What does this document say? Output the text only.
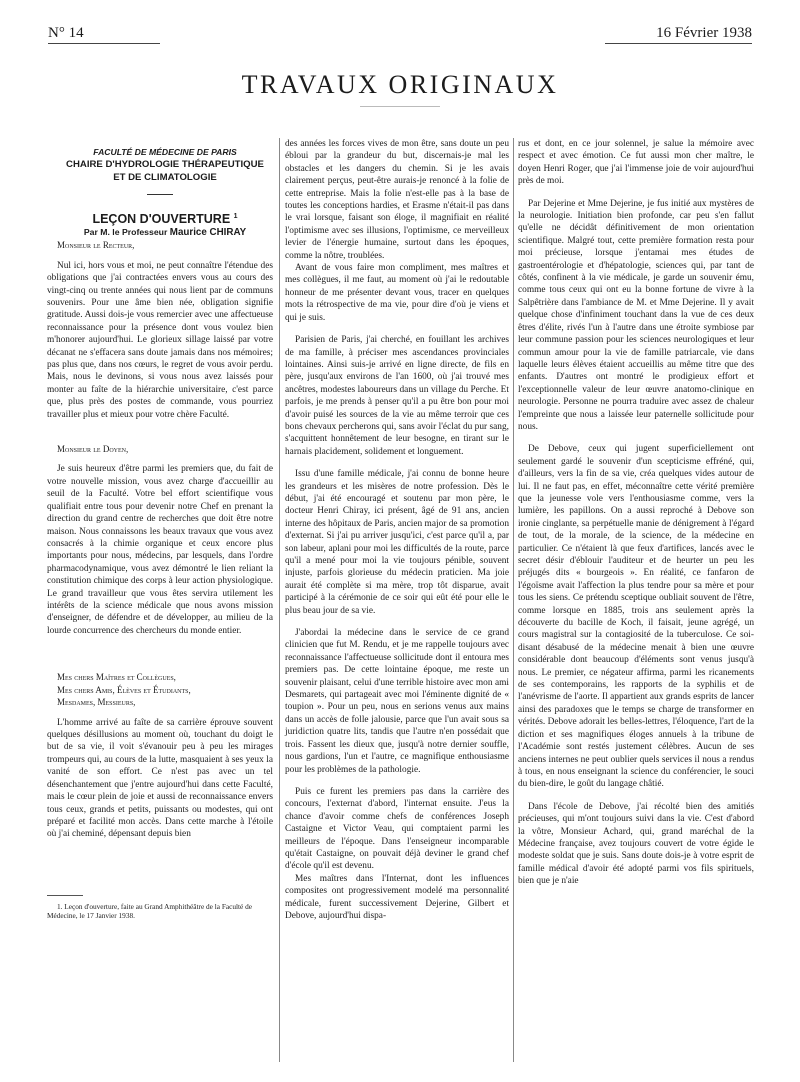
N° 14	16 Février 1938
TRAVAUX ORIGINAUX

FACULTÉ DE MÉDECINE DE PARIS

CHAIRE D'HYDROLOGIE THÉRAPEUTIQUE

ET DE CLIMATOLOGIE

LEÇON D'OUVERTURE $^1$

Par M. le Professeur Maurice CHIRAY

Monsieur le Recteur,

Nul ici, hors vous et moi, ne peut connaître l'étendue des obligations que j'ai contractées envers vous au cours des vingt-cinq ou trente années qui nous lient par de communs souvenirs. Pour une âme bien née, obligation signifie gratitude. Aussi dois-je vous remercier avec une affectueuse reconnaissance pour la présence dont vous voulez bien m'honorer aujourd'hui. Le glorieux sillage laissé par votre décanat ne s'effacera sans doute jamais dans nos mémoires; pas plus que, dans nos cœurs, le regret de vous avoir perdu. Mais, nous le devinons, si vous nous avez laissés pour monter au faîte de la hiérarchie universitaire, c'est parce que, plus près des postes de commande, vous pourriez travailler plus et mieux pour votre chère Faculté.

Monsieur le Doyen,

Je suis heureux d'être parmi les premiers que, du fait de votre nouvelle mission, vous avez charge d'accueillir au seuil de la Faculté. Votre bel effort scientifique vous qualifiait entre tous pour devenir notre Chef en prenant la direction du grand centre de recherches que doit être notre maison. Nous connaissons les beaux travaux que vous avez consacrés à la chimie organique et ceux encore plus importants pour nous, médecins, par lesquels, dans l'ordre pharmacodynamique, vous avez démontré le lien reliant la constitution chimique des corps à leur action physiologique. Le grand travailleur que vous êtes servira utilement les intérêts de la science médicale que nous avons mission d'enseigner, de défendre et de développer, au milieu de la lourde concurrence des chercheurs du monde entier.

Mes chers Maîtres et Collègues,
Mes chers Amis, Élèves et Étudiants,
Mesdames, Messieurs,

L'homme arrivé au faîte de sa carrière éprouve souvent quelques désillusions au moment où, touchant du doigt le but de sa vie, il voit s'évanouir peu à peu les mirages trompeurs qui, au cours de la lutte, masquaient à ses yeux la vanité de son effort. Ce n'est pas avec un tel désenchantement que j'entre aujourd'hui dans cette Faculté, mais le cœur plein de joie et aussi de reconnaissance envers tous ceux, grands et petits, puissants ou modestes, qui ont préparé et facilité mon accès. Dans cette marche à l'étoile où j'ai cheminé, dépensant depuis bien

1. Leçon d'ouverture, faite au Grand Amphithéâtre de la Faculté de Médecine, le 17 Janvier 1938.

des années les forces vives de mon être, sans doute un peu ébloui par la grandeur du but, discernais-je mal les obstacles et les dangers du chemin. Si je les avais clairement perçus, peut-être aurais-je renoncé à la folie de cette entreprise. Mais la folie n'est-elle pas à la base de toutes les conceptions hardies, et Erasme n'était-il pas dans le vrai lorsque, faisant son éloge, il magnifiait en réalité l'optimisme avec ses illusions, l'optimisme, ce merveilleux levier de l'énergie humaine, surtout dans les époques, comme la nôtre, troublées.

Avant de vous faire mon compliment, mes maîtres et mes collègues, il me faut, au moment où j'ai le redoutable honneur de me présenter devant vous, tracer en quelques mots la rétrospective de ma vie, pour dire d'où je viens et qui je suis.

Parisien de Paris, j'ai cherché, en fouillant les archives de ma famille, à préciser mes ascendances provinciales lointaines. Ainsi suis-je arrivé en ligne directe, de fils en père, jusqu'aux environs de l'an 1600, où j'ai trouvé mes ancêtres, modestes laboureurs dans un village du Perche. Et parfois, je me prends à penser qu'il a pu être bon pour moi d'avoir puisé les sources de la vie au même terroir que ces bons chevaux percherons qui, sans avoir l'éclat du pur sang, s'acquittent honnêtement de leur besogne, en tirant sur le harnais placidement, solidement et longuement.

Issu d'une famille médicale, j'ai connu de bonne heure les grandeurs et les misères de notre profession. Dès le début, j'ai été encouragé et soutenu par mon père, le docteur Henri Chiray, ici présent, âgé de 91 ans, ancien interne des hôpitaux de Paris, ancien major de sa promotion d'externat. Si j'ai pu arriver jusqu'ici, c'est parce qu'il a, par son labeur, aplani pour moi les difficultés de la route, parce qu'il a mené pour moi la vie toujours pénible, souvent injuste, parfois glorieuse du médecin praticien. Ma joie aurait été complète si ma mère, trop tôt disparue, avait participé à la cérémonie de ce soir qui eût été pour elle le plus beau jour de sa vie.

J'abordai la médecine dans le service de ce grand clinicien que fut M. Rendu, et je me rappelle toujours avec reconnaissance l'affectueuse sollicitude dont il entoura mes premiers pas. De cette lointaine époque, me reste un souvenir plaisant, celui d'une terrible histoire avec mon ami Desmarets, qui partageait avec moi l'éminente dignité de « toupion ». Pour un peu, nous en serions venus aux mains dans un accès de folle jalousie, parce que l'un avait sous sa juridiction quatre lits, tandis que l'autre n'en possédait que trois. Fassent les dieux que, jusqu'à notre dernier souffle, nous gardions, l'un et l'autre, ce magnifique enthousiasme pour les problèmes de la pathologie.

Puis ce furent les premiers pas dans la carrière des concours, l'externat d'abord, l'internat ensuite. J'eus la chance d'avoir comme chefs de conférences Joseph Castaigne et Victor Veau, qui comptaient parmi les meilleurs de l'époque. Dans l'enseigneur incomparable qu'était Castaigne, on pouvait déjà deviner le grand chef d'école qu'il est devenu.

Mes maîtres dans l'Internat, dont les influences composites ont progressivement modelé ma personnalité médicale, furent successivement Dejerine, Gilbert et Debove, aujourd'hui dispa-

rus et dont, en ce jour solennel, je salue la mémoire avec respect et avec émotion. Ce fut aussi mon cher maître, le doyen Henri Roger, que j'ai l'immense joie de voir aujourd'hui près de moi.

Par Dejerine et Mme Dejerine, je fus initié aux mystères de la neurologie. Initiation bien profonde, car peu s'en fallut qu'elle ne décidât définitivement de mon orientation scientifique. Malgré tout, cette première formation resta pour moi précieuse, lorsque j'entamai mes études de gastroentérologie et d'hépatologie, sciences qui, par tant de côtés, confinent à la vie médicale, je garde un souvenir ému, comme tous ceux qui ont eu la bonne fortune de vivre à la Salpêtrière dans l'ambiance de M. et Mme Dejerine. Il y avait quelque chose d'infiniment touchant dans la vue de ces deux êtres d'élite, rivés l'un à l'autre dans une étroite symbiose par leur commune passion pour les sciences neurologiques et leur commun amour pour la vie de famille patriarcale, vie dans laquelle leurs élèves étaient accueillis au même titre que des enfants. D'autres ont montré le prodigieux effort et l'exceptionnelle valeur de leur œuvre anatomo-clinique en neurologie. Personne ne pourra traduire avec assez de chaleur l'empreinte que nous a laissée leur paternelle sollicitude pour nous.

De Debove, ceux qui jugent superficiellement ont seulement gardé le souvenir d'un scepticisme effréné, qui, d'ailleurs, vers la fin de sa vie, créa quelques vides autour de lui. Il ne faut pas, en effet, méconnaître cette vérité première que la jeunesse vole vers l'enthousiasme comme, vers la lumière, les papillons. On a aussi reproché à Debove son ironie cinglante, sa perpétuelle manie de dénigrement à l'égard de tout, de la morale, de la science, de la médecine en particulier. Ce n'étaient là que feux d'artifices, lancés avec le secret désir d'éblouir l'auditeur et de heurter un peu les préjugés dits « bourgeois ». En réalité, ce fanfaron de l'égoïsme avait l'affection la plus tendre pour sa mère et pour tous les siens. Ce prétendu sceptique oubliait souvent de l'être, comme lorsque en 1885, trois ans seulement après la découverte du bacille de Koch, il faisait, jeune agrégé, un cours magistral sur la contagiosité de la tuberculose. Ce soi-disant désabusé de la médecine menait à bien une œuvre considérable dont beaucoup d'éléments sont venus jusqu'à nous. Le premier, ce négateur affirma, parmi les ricanements de ses contemporains, les rapports de la syphilis et de l'anévrisme de l'aorte. Il appartient aux grands esprits de lancer ainsi des paradoxes que le temps se charge de transformer en vérités. Debove adorait les belles-lettres, l'éloquence, l'art de la diction et ses magnifiques éloges annuels à la tribune de l'Académie sont restés justement célèbres. Aucun de ses anciens internes ne peut oublier quels services il nous a rendus à tous, en nous enseignant la science du conférencier, le souci du bien-dire, le goût du langage châtié.

Dans l'école de Debove, j'ai récolté bien des amitiés précieuses, qui m'ont toujours suivi dans la vie. C'est d'abord la vôtre, Monsieur Achard, qui, grand maréchal de la Médecine française, avez toujours couvert de votre égide le modeste soldat que je suis. Sans doute dois-je à votre esprit de famille médical d'avoir été adopté parmi vos fils spirituels, bien que je n'aie
